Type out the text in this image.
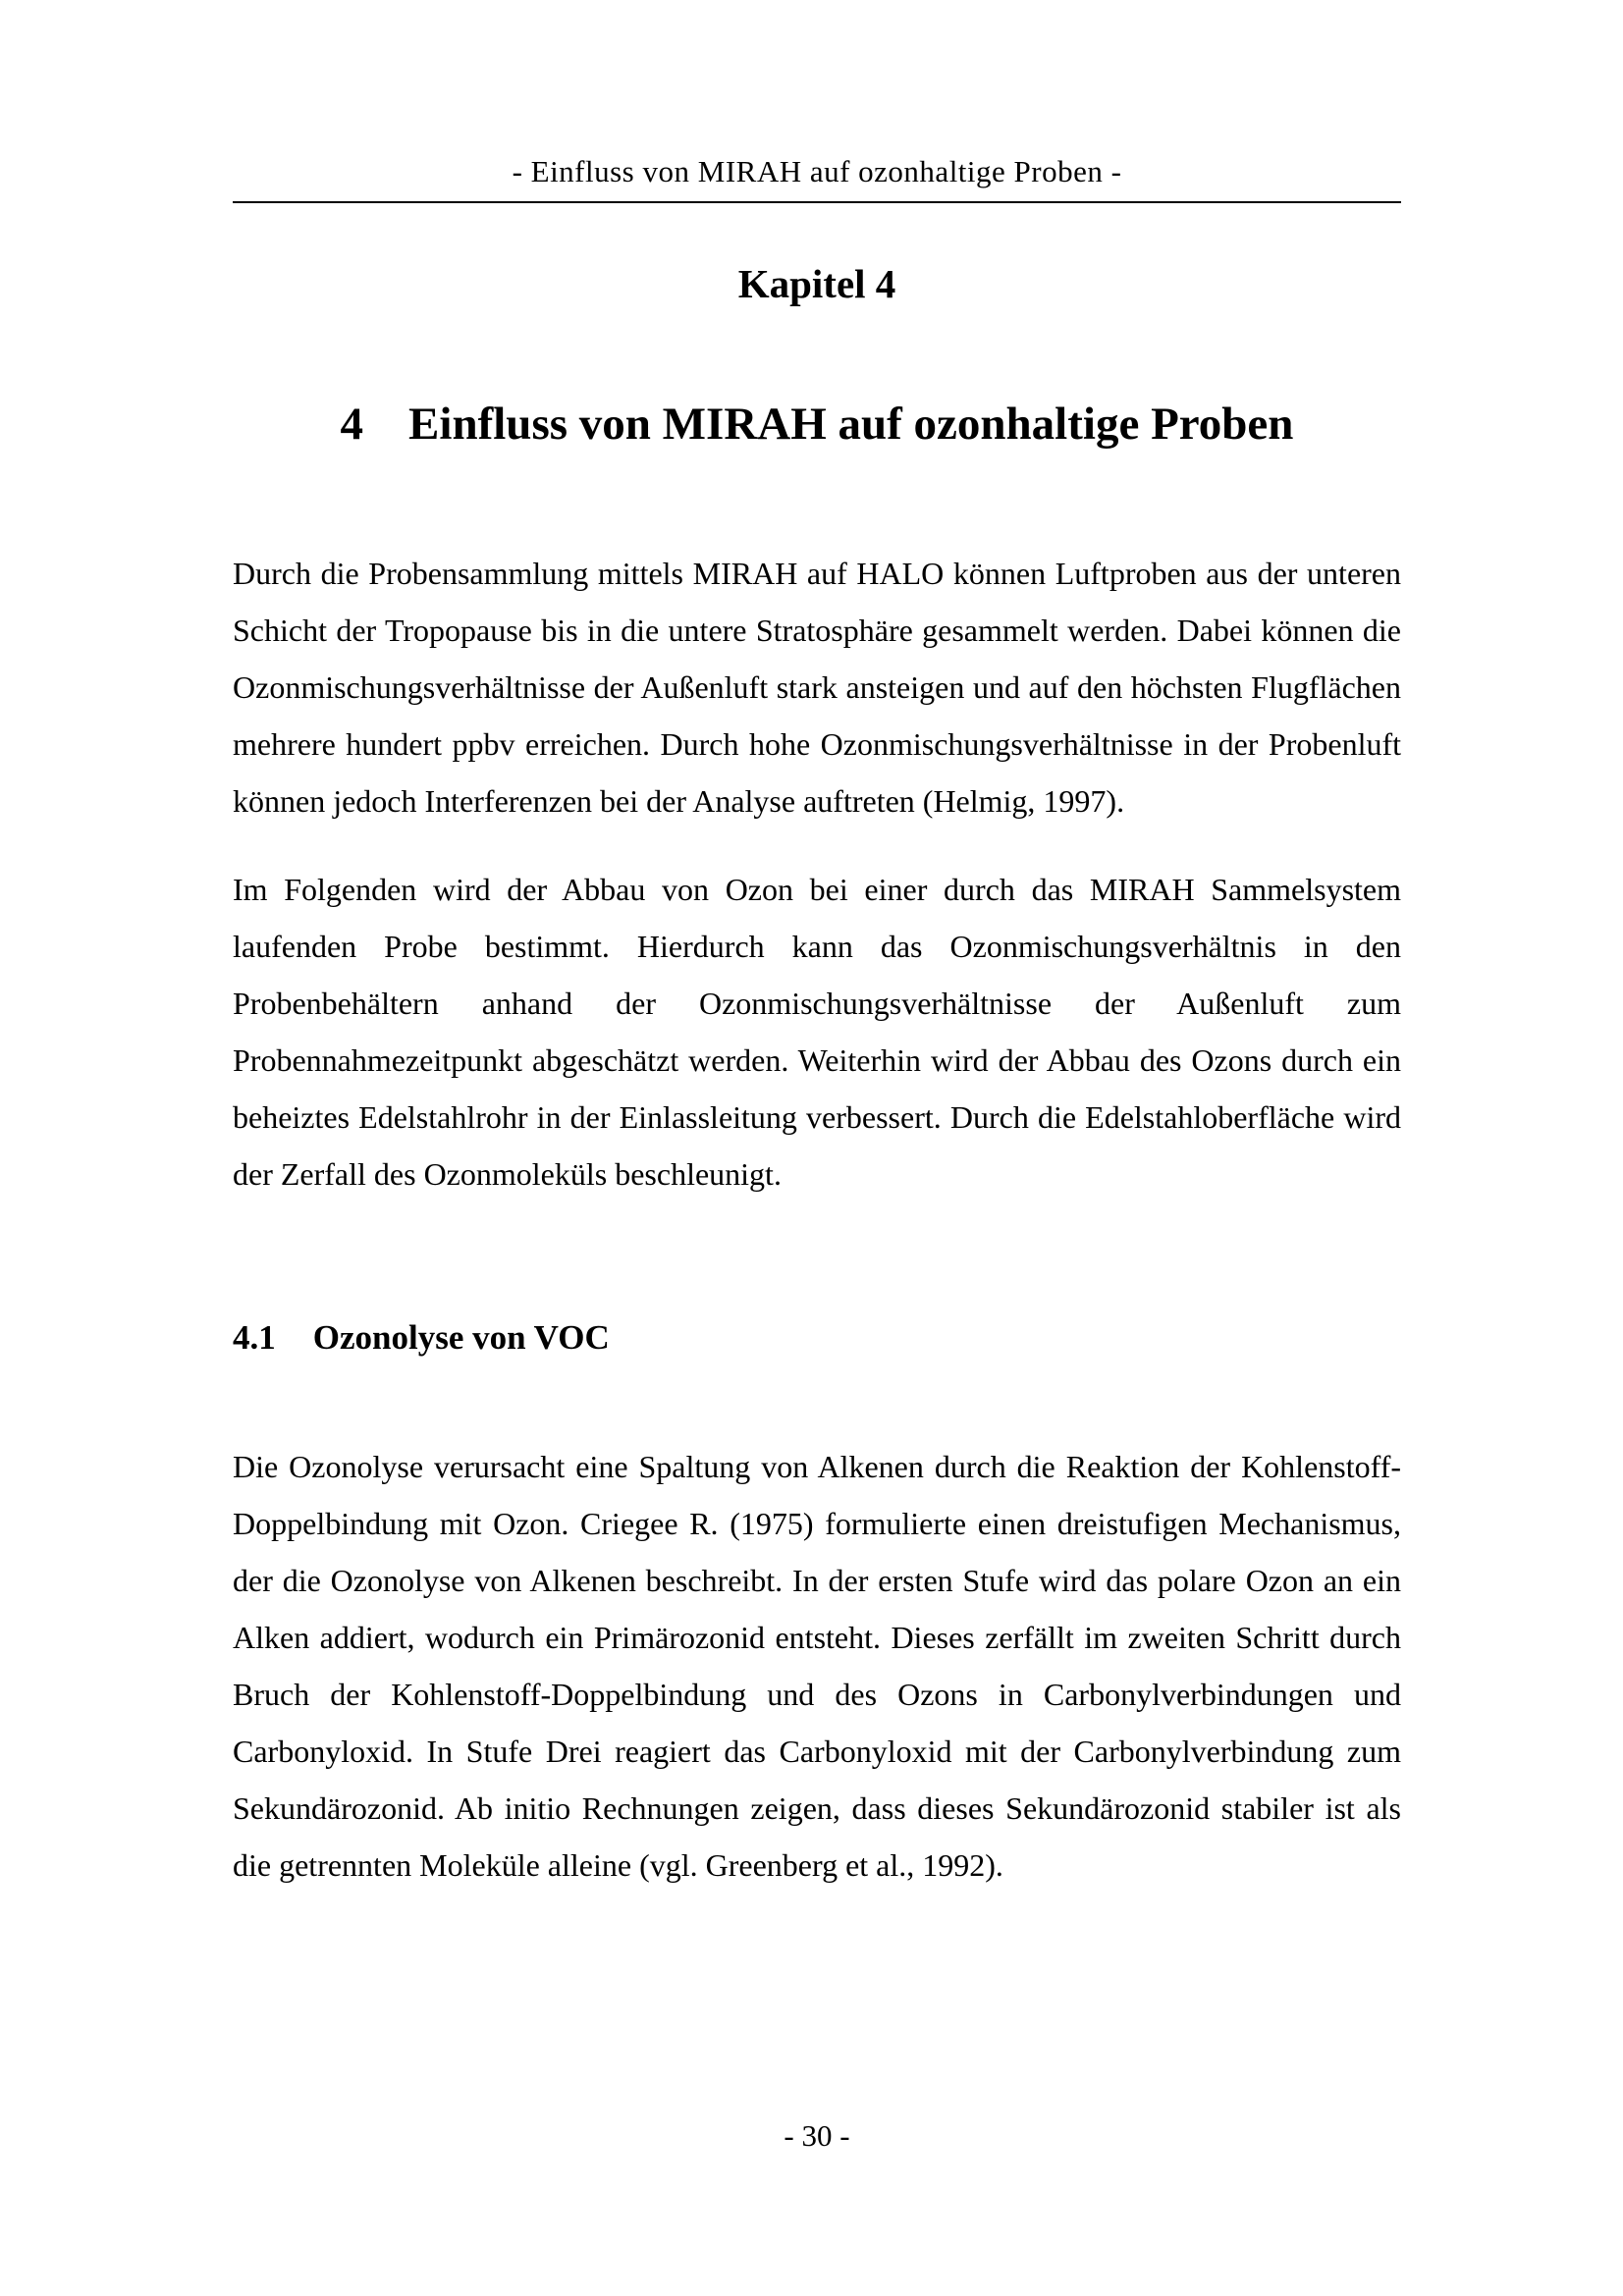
- Einfluss von MIRAH auf ozonhaltige Proben -
Kapitel 4
4 Einfluss von MIRAH auf ozonhaltige Proben

Durch die Probensammlung mittels MIRAH auf HALO können Luftproben aus der unteren Schicht der Tropopause bis in die untere Stratosphäre gesammelt werden. Dabei können die Ozonmischungsverhältnisse der Außenluft stark ansteigen und auf den höchsten Flugflächen mehrere hundert ppbv erreichen. Durch hohe Ozonmischungsverhältnisse in der Probenluft können jedoch Interferenzen bei der Analyse auftreten (Helmig, 1997).

Im Folgenden wird der Abbau von Ozon bei einer durch das MIRAH Sammelsystem laufenden Probe bestimmt. Hierdurch kann das Ozonmischungsverhältnis in den Probenbehältern anhand der Ozonmischungsverhältnisse der Außenluft zum Probennahmezeitpunkt abgeschätzt werden. Weiterhin wird der Abbau des Ozons durch ein beheiztes Edelstahlrohr in der Einlassleitung verbessert. Durch die Edelstahloberfläche wird der Zerfall des Ozonmoleküls beschleunigt.

4.1 Ozonolyse von VOC

Die Ozonolyse verursacht eine Spaltung von Alkenen durch die Reaktion der Kohlenstoff-Doppelbindung mit Ozon. Criegee R. (1975) formulierte einen dreistufigen Mechanismus, der die Ozonolyse von Alkenen beschreibt. In der ersten Stufe wird das polare Ozon an ein Alken addiert, wodurch ein Primärozonid entsteht. Dieses zerfällt im zweiten Schritt durch Bruch der Kohlenstoff-Doppelbindung und des Ozons in Carbonylverbindungen und Carbonyloxid. In Stufe Drei reagiert das Carbonyloxid mit der Carbonylverbindung zum Sekundärozonid. Ab initio Rechnungen zeigen, dass dieses Sekundärozonid stabiler ist als die getrennten Moleküle alleine (vgl. Greenberg et al., 1992).

- 30 -
